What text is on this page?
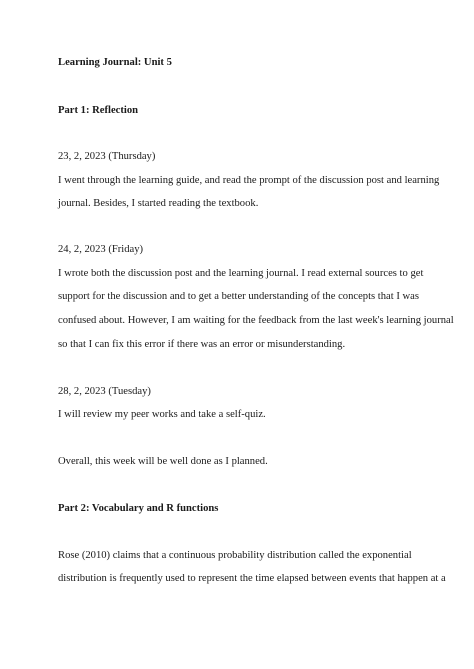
Learning Journal: Unit 5

Part 1: Reflection

23, 2, 2023 (Thursday)

I went through the learning guide, and read the prompt of the discussion post and learning

journal. Besides, I started reading the textbook.

24, 2, 2023 (Friday)

I wrote both the discussion post and the learning journal. I read external sources to get

support for the discussion and to get a better understanding of the concepts that I was

confused about. However, I am waiting for the feedback from the last week's learning journal

so that I can fix this error if there was an error or misunderstanding.

28, 2, 2023 (Tuesday)

I will review my peer works and take a self-quiz.

Overall, this week will be well done as I planned.

Part 2: Vocabulary and R functions

Rose (2010) claims that a continuous probability distribution called the exponential

distribution is frequently used to represent the time elapsed between events that happen at a
